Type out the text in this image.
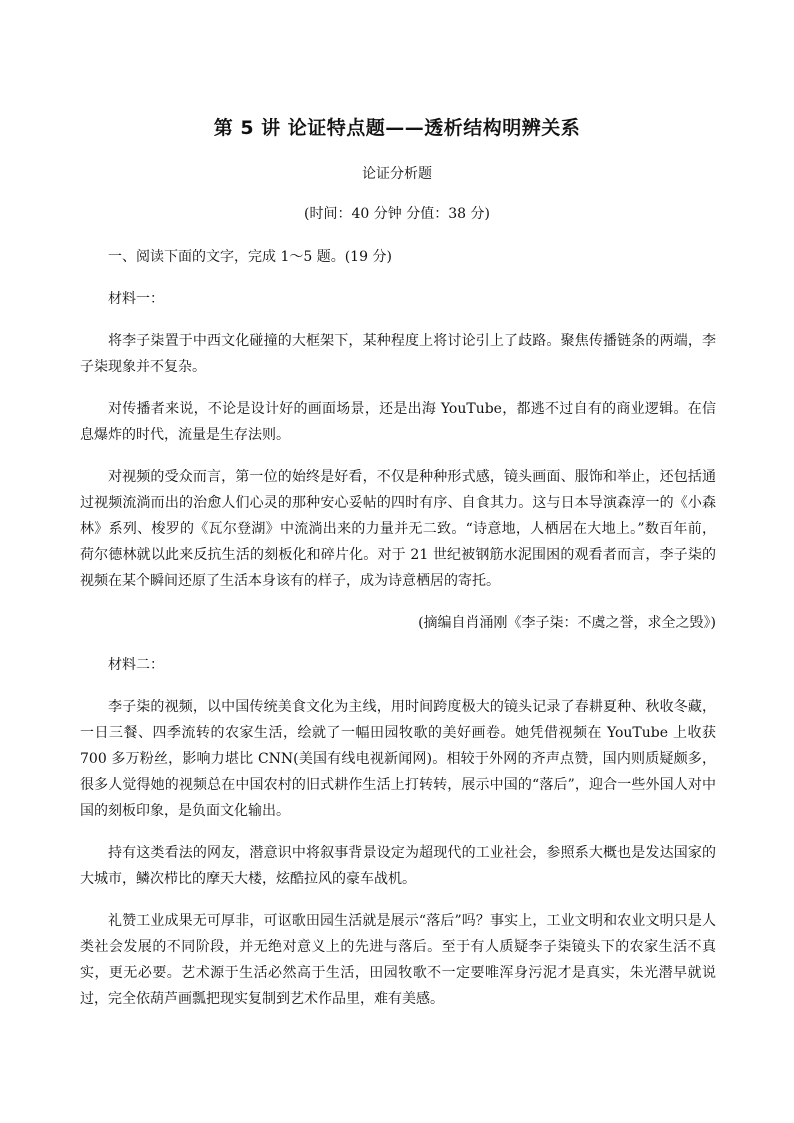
第 5 讲 论证特点题——透析结构明辨关系
论证分析题
(时间：40 分钟 分值：38 分)

一、阅读下面的文字，完成 1～5 题。(19 分)

材料一：

将李子柒置于中西文化碰撞的大框架下，某种程度上将讨论引上了歧路。聚焦传播链条的两端，李子柒现象并不复杂。

对传播者来说，不论是设计好的画面场景，还是出海 YouTube，都逃不过自有的商业逻辑。在信息爆炸的时代，流量是生存法则。

对视频的受众而言，第一位的始终是好看，不仅是种种形式感，镜头画面、服饰和举止，还包括通过视频流淌而出的治愈人们心灵的那种安心妥帖的四时有序、自食其力。这与日本导演森淳一的《小森林》系列、梭罗的《瓦尔登湖》中流淌出来的力量并无二致。“诗意地，人栖居在大地上。”数百年前，荷尔德林就以此来反抗生活的刻板化和碎片化。对于 21 世纪被钢筋水泥围困的观看者而言，李子柒的视频在某个瞬间还原了生活本身该有的样子，成为诗意栖居的寄托。

(摘编自肖涌刚《李子柒：不虞之誉，求全之毁》)

材料二：

李子柒的视频，以中国传统美食文化为主线，用时间跨度极大的镜头记录了春耕夏种、秋收冬藏，一日三餐、四季流转的农家生活，绘就了一幅田园牧歌的美好画卷。她凭借视频在 YouTube 上收获 700 多万粉丝，影响力堪比 CNN(美国有线电视新闻网)。相较于外网的齐声点赞，国内则质疑颇多，很多人觉得她的视频总在中国农村的旧式耕作生活上打转转，展示中国的“落后”，迎合一些外国人对中国的刻板印象，是负面文化输出。

持有这类看法的网友，潜意识中将叙事背景设定为超现代的工业社会，参照系大概也是发达国家的大城市，鳞次栉比的摩天大楼，炫酷拉风的豪车战机。

礼赞工业成果无可厚非，可讴歌田园生活就是展示“落后”吗？事实上，工业文明和农业文明只是人类社会发展的不同阶段，并无绝对意义上的先进与落后。至于有人质疑李子柒镜头下的农家生活不真实，更无必要。艺术源于生活必然高于生活，田园牧歌不一定要唯浑身污泥才是真实，朱光潜早就说过，完全依葫芦画瓢把现实复制到艺术作品里，难有美感。
